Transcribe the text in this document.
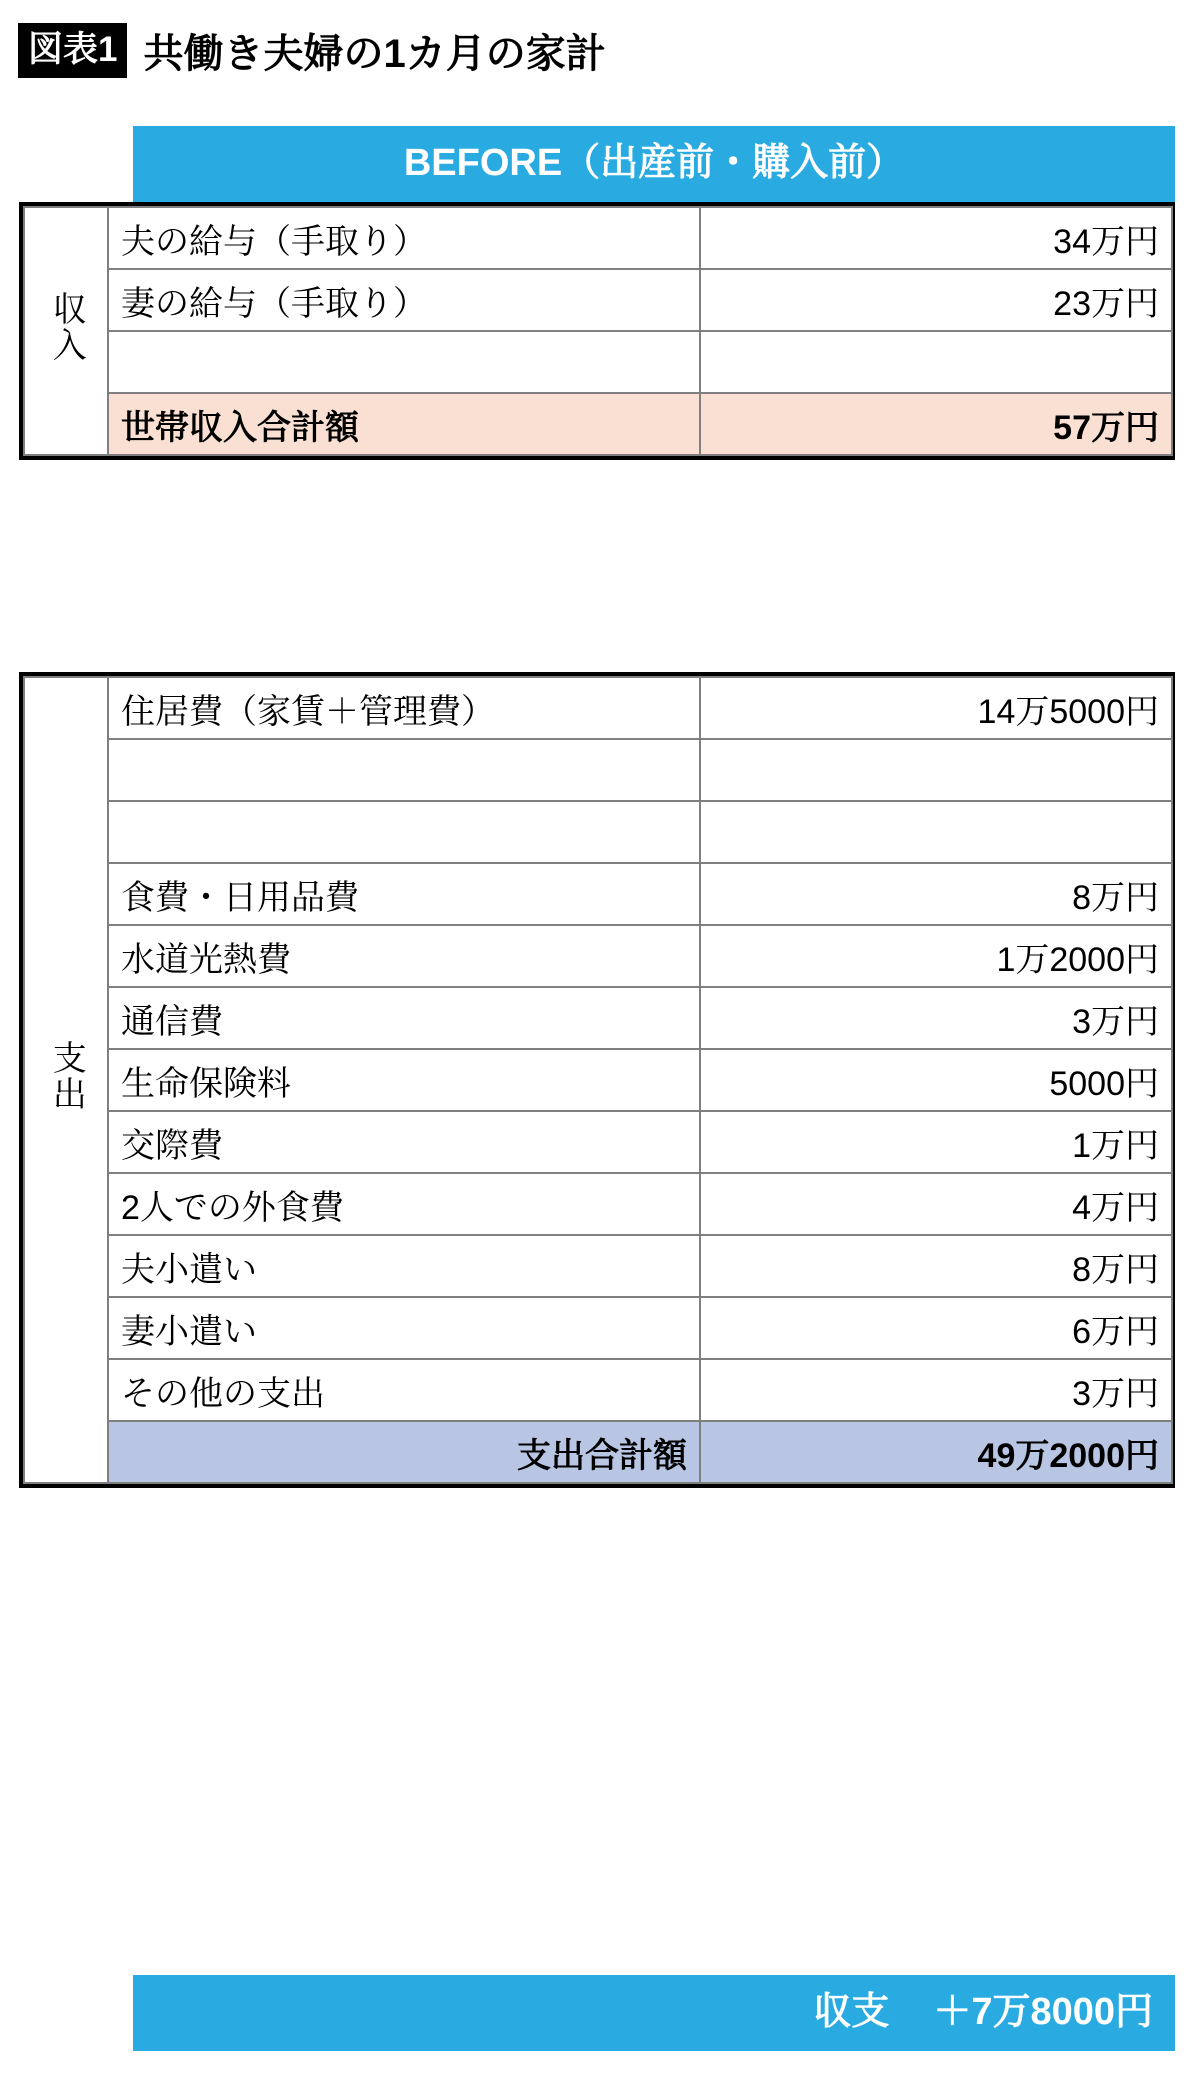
図表1 共働き夫婦の1カ月の家計
BEFORE（出産前・購入前）
収入	夫の給与（手取り）	34万円
	妻の給与（手取り）	23万円

	世帯収入合計額	57万円
支出	住居費（家賃＋管理費）	14万5000円

	食費・日用品費	8万円
	水道光熱費	1万2000円
	通信費	3万円
	生命保険料	5000円
	交際費	1万円
	2人での外食費	4万円
	夫小遣い	8万円
	妻小遣い	6万円
	その他の支出	3万円
	支出合計額	49万2000円
収支 ＋7万8000円
